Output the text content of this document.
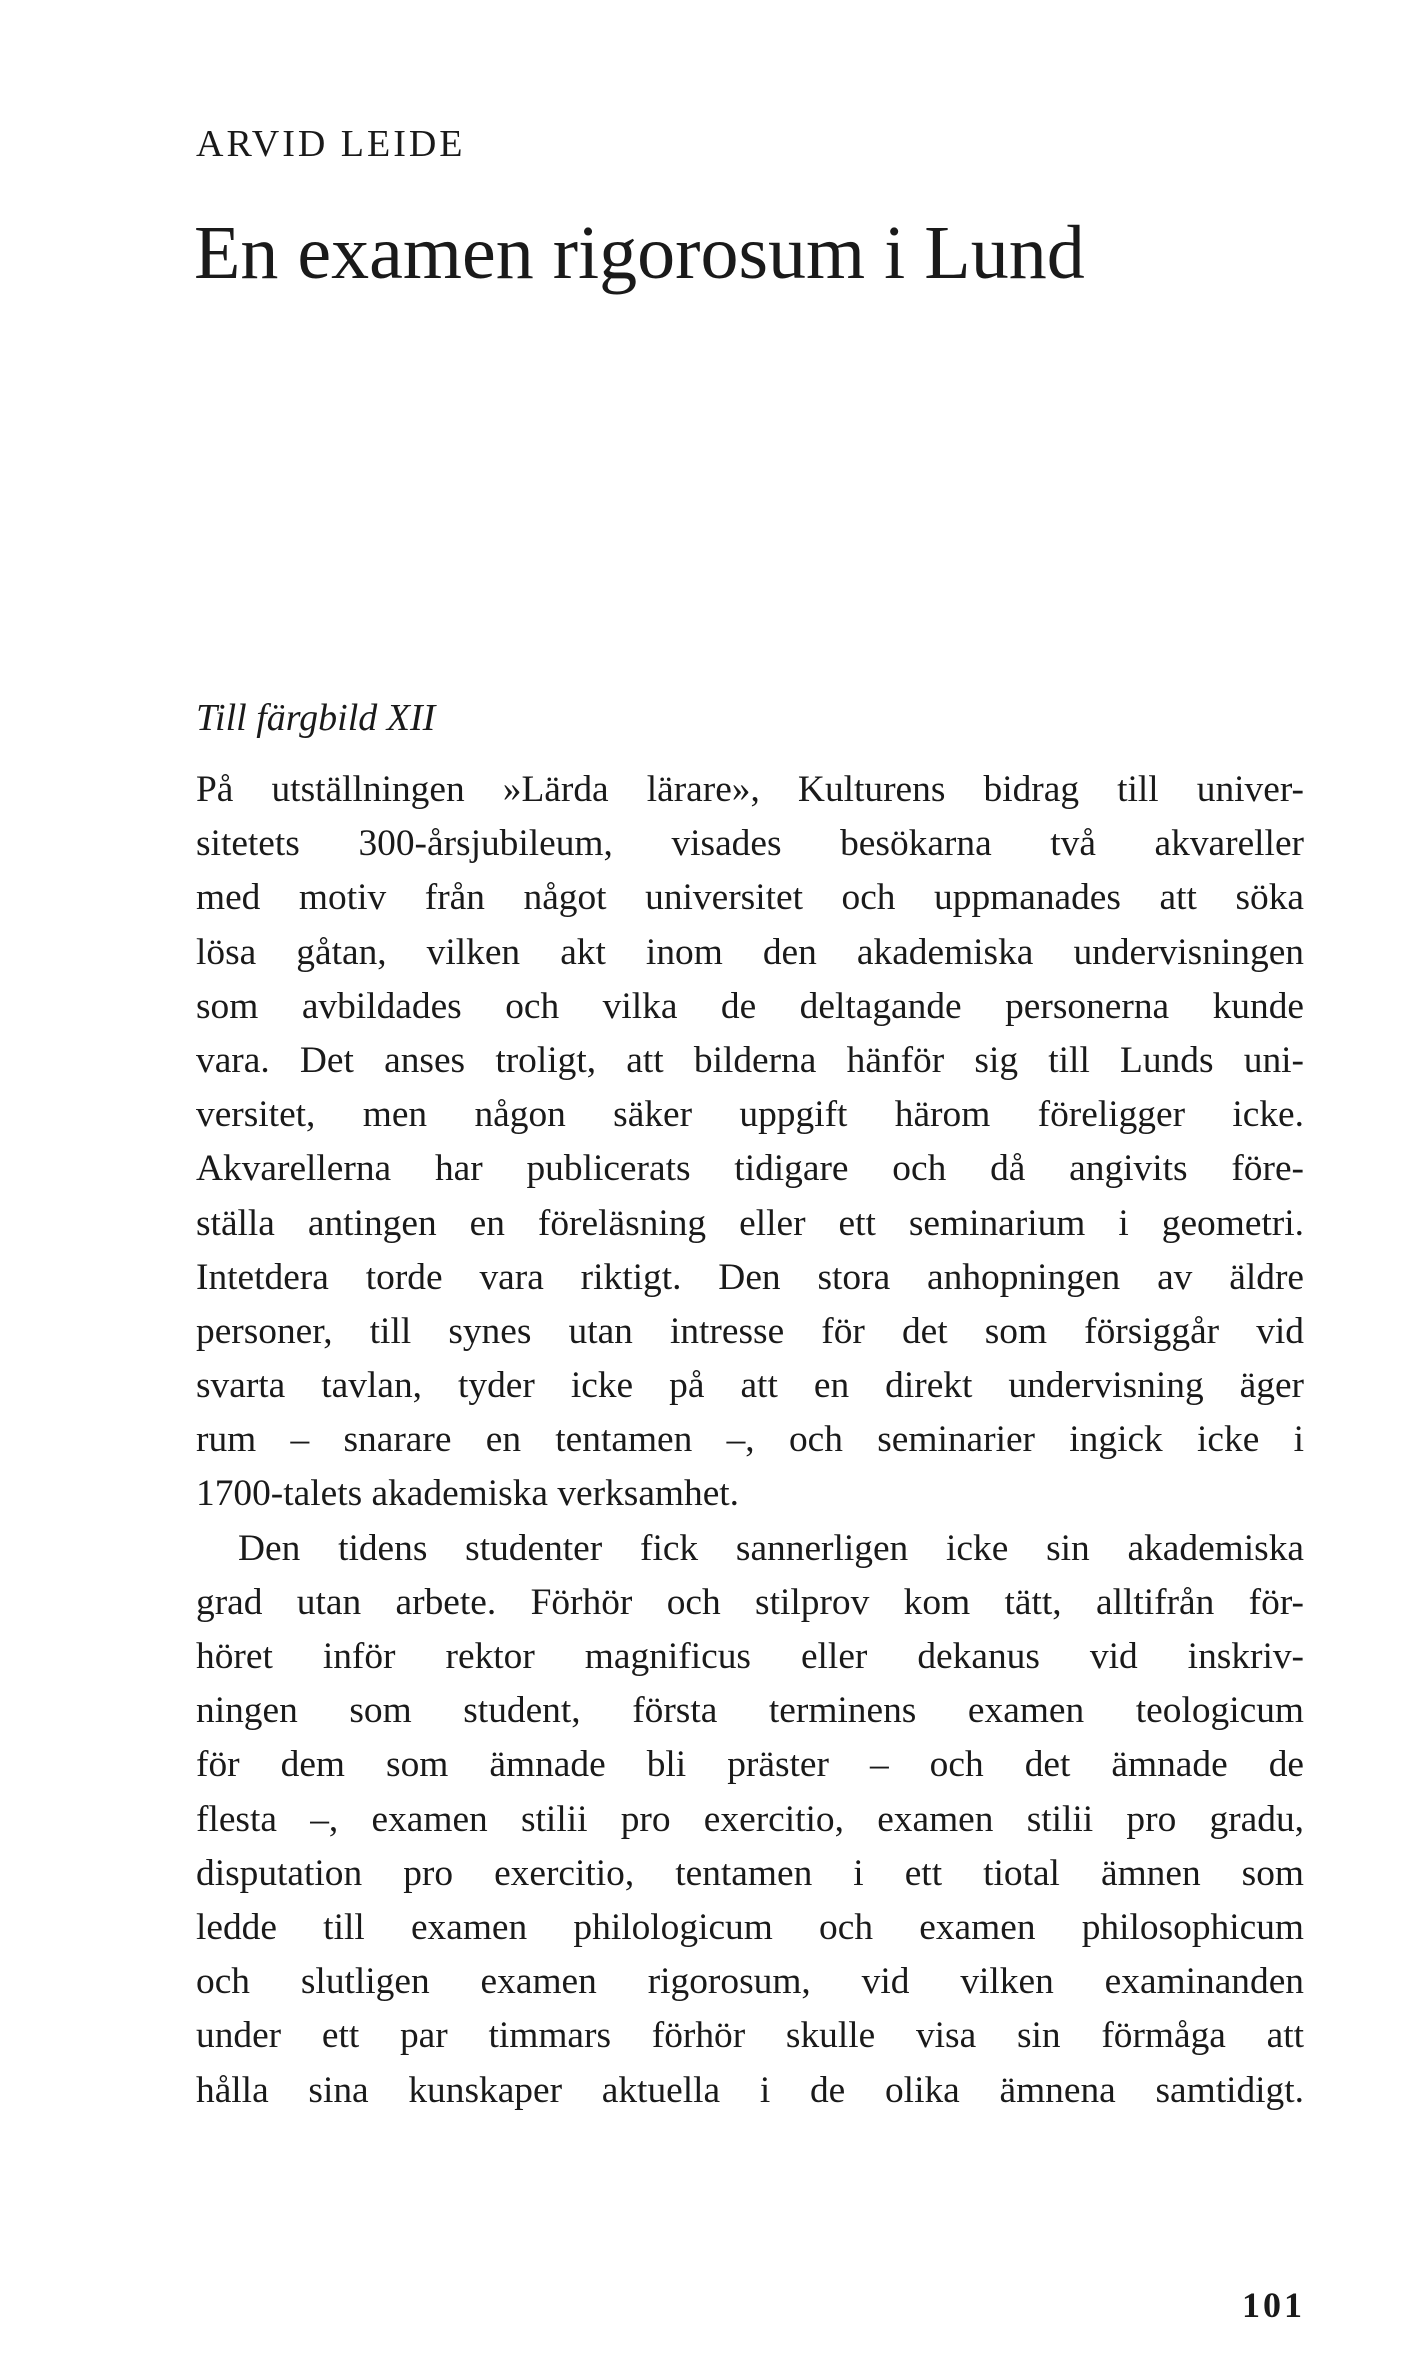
ARVID LEIDE
En examen rigorosum i Lund
Till färgbild XII
På utställningen »Lärda lärare», Kulturens bidrag till univer-
sitetets 300-årsjubileum, visades besökarna två akvareller
med motiv från något universitet och uppmanades att söka
lösa gåtan, vilken akt inom den akademiska undervisningen
som avbildades och vilka de deltagande personerna kunde
vara. Det anses troligt, att bilderna hänför sig till Lunds uni-
versitet, men någon säker uppgift härom föreligger icke.
Akvarellerna har publicerats tidigare och då angivits före-
ställa antingen en föreläsning eller ett seminarium i geometri.
Intetdera torde vara riktigt. Den stora anhopningen av äldre
personer, till synes utan intresse för det som försiggår vid
svarta tavlan, tyder icke på att en direkt undervisning äger
rum – snarare en tentamen –, och seminarier ingick icke i
1700-talets akademiska verksamhet.
Den tidens studenter fick sannerligen icke sin akademiska
grad utan arbete. Förhör och stilprov kom tätt, alltifrån för-
höret inför rektor magnificus eller dekanus vid inskriv-
ningen som student, första terminens examen teologicum
för dem som ämnade bli präster – och det ämnade de
flesta –, examen stilii pro exercitio, examen stilii pro gradu,
disputation pro exercitio, tentamen i ett tiotal ämnen som
ledde till examen philologicum och examen philosophicum
och slutligen examen rigorosum, vid vilken examinanden
under ett par timmars förhör skulle visa sin förmåga att
hålla sina kunskaper aktuella i de olika ämnena samtidigt.
101
